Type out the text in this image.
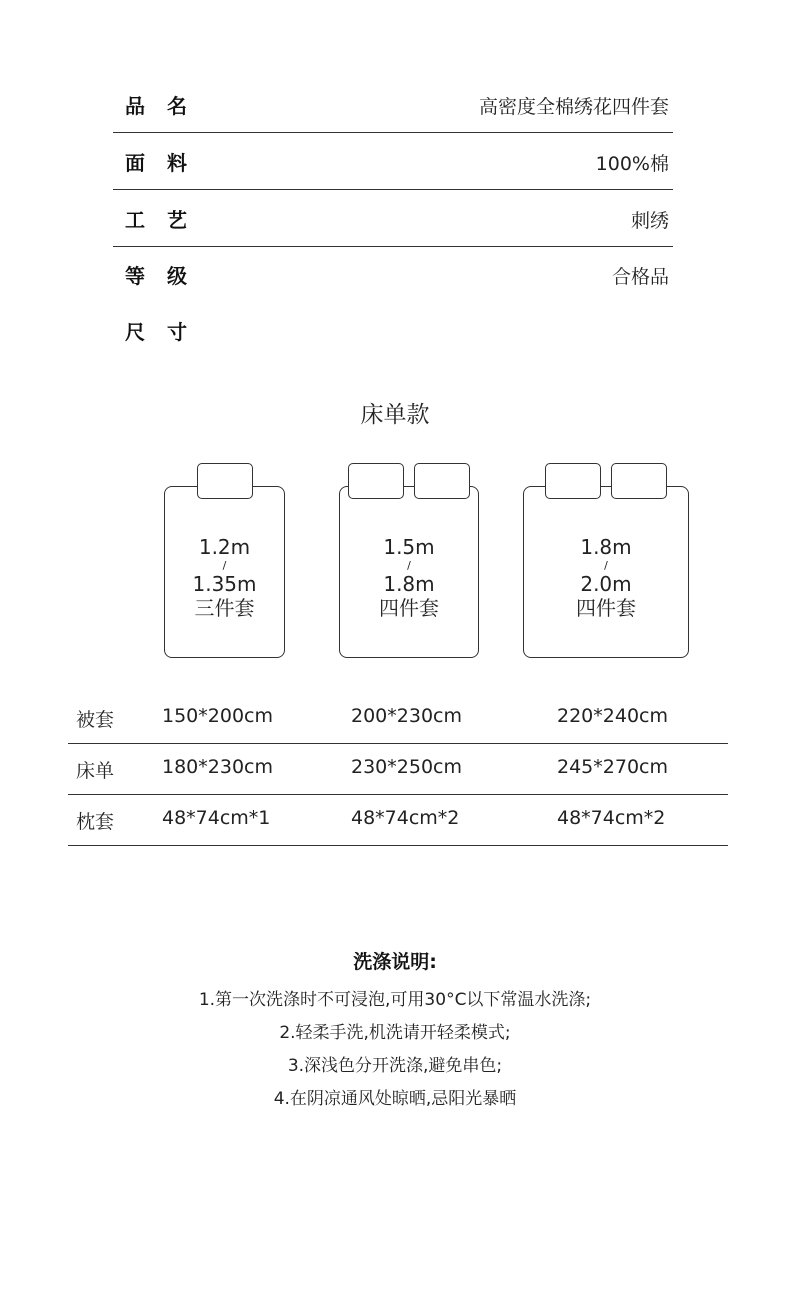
品名	高密度全棉绣花四件套
面料	100%棉
工艺	刺绣
等级	合格品
尺寸
床单款
1.2m
/
1.35m
三件套
1.5m
/
1.8m
四件套
1.8m
/
2.0m
四件套
被套	150*200cm	200*230cm	220*240cm
床单	180*230cm	230*250cm	245*270cm
枕套	48*74cm*1	48*74cm*2	48*74cm*2
洗涤说明:
1.第一次洗涤时不可浸泡,可用30°C以下常温水洗涤;
2.轻柔手洗,机洗请开轻柔模式;
3.深浅色分开洗涤,避免串色;
4.在阴凉通风处晾晒,忌阳光暴晒
